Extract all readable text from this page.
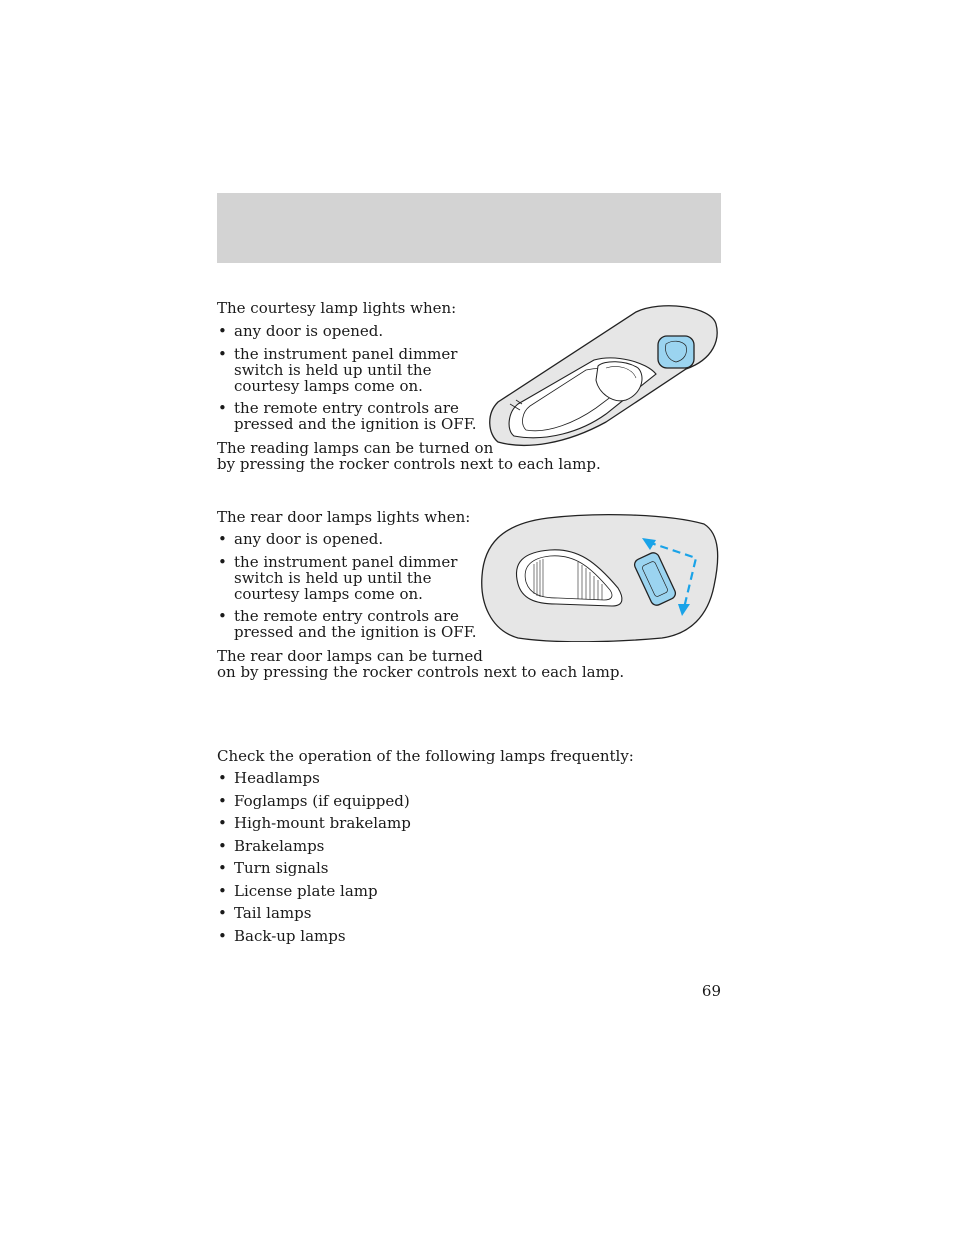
The courtesy lamp lights when:
• any door is opened.
• the instrument panel dimmer
switch is held up until the
courtesy lamps come on.
• the remote entry controls are
pressed and the ignition is OFF.
The reading lamps can be turned on
by pressing the rocker controls next to each lamp.
The rear door lamps lights when:
• any door is opened.
• the instrument panel dimmer
switch is held up until the
courtesy lamps come on.
• the remote entry controls are
pressed and the ignition is OFF.
The rear door lamps can be turned
on by pressing the rocker controls next to each lamp.
Check the operation of the following lamps frequently:
• Headlamps
• Foglamps (if equipped)
• High-mount brakelamp
• Brakelamps
• Turn signals
• License plate lamp
• Tail lamps
• Back-up lamps
69
